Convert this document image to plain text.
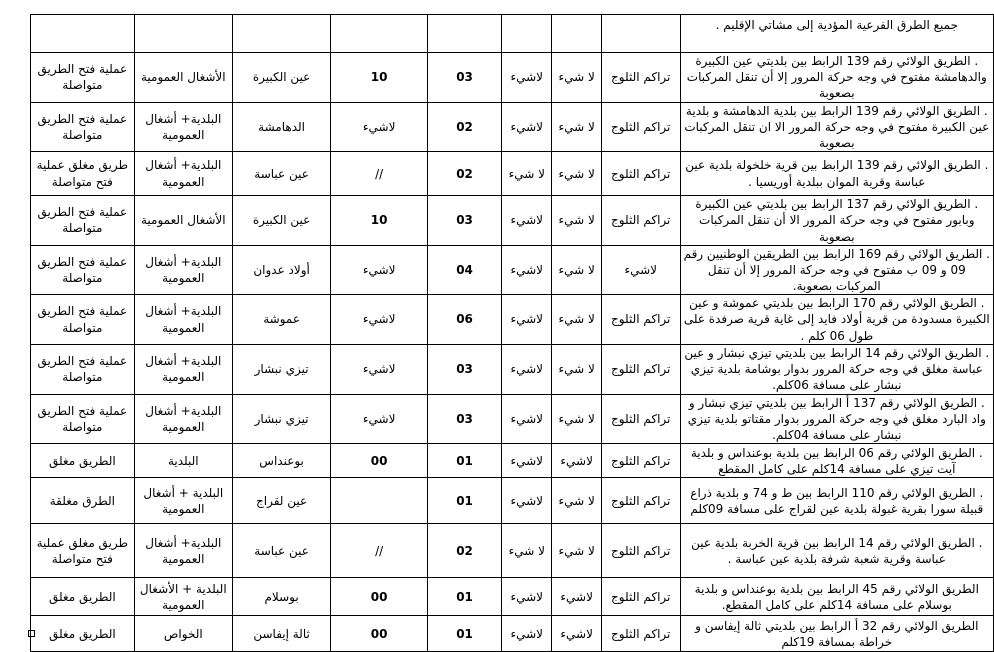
								جميع الطرق الفرعية المؤدية إلى مشاتي الإقليم .
عملية فتح الطريق متواصلة	الأشغال العمومية	عين الكبيرة	10	03	لاشيء	لا شيء	تراكم الثلوج	. الطريق الولائي رقم 139 الرابط بين بلديتي عين الكبيرة والدهامشة مفتوح في وجه حركة المرور إلا أن تنقل المركبات بصعوبة
عملية فتح الطريق متواصلة	البلدية+ أشغال العمومية	الدهامشة	لاشيء	02	لاشيء	لا شيء	تراكم الثلوج	. الطريق الولائي رقم 139 الرابط بين بلدية الدهامشة و بلدية عين الكبيرة مفتوح في وجه حركة المرور الا ان تنقل المركبات بصعوبة
طريق مغلق عملية فتح متواصلة	البلدية+ أشغال العمومية	عين عباسة	//	02	لا شيء	لا شيء	تراكم الثلوج	. الطريق الولائي رقم 139 الرابط بين قرية خلخولة بلدية عين عباسة وقرية الموان ببلدية أوريسيا .
عملية فتح الطريق متواصلة	الأشغال العمومية	عين الكبيرة	10	03	لاشيء	لا شيء	تراكم الثلوج	. الطريق الولائي رقم 137 الرابط بين بلديتي عين الكبيرة وبابور مفتوح في وجه حركة المرور الا أن تنقل المركبات بصعوبة
عملية فتح الطريق متواصلة	البلدية+ أشغال العمومية	أولاد عدوان	لاشيء	04	لاشيء	لا شيء	لاشيء	. الطريق الولائي رقم 169 الرابط بين الطريقين الوطنيين رقم 09 و 09 ب مفتوح في وجه حركة المرور إلا أن تنقل المركبات بصعوبة.
عملية فتح الطريق متواصلة	البلدية+ أشغال العمومية	عموشة	لاشيء	06	لاشيء	لا شيء	تراكم الثلوج	. الطريق الولائي رقم 170 الرابط بين بلديتي عموشة و عين الكبيرة مسدودة من قرية أولاد فايد إلى غاية قرية صرفدة على طول 06 كلم .
عملية فتح الطريق متواصلة	البلدية+ أشغال العمومية	تيزي نبشار	لاشيء	03	لاشيء	لا شيء	تراكم الثلوج	. الطريق الولائي رقم 14 الرابط بين بلديتي تيزي نبشار و عين عباسة مغلق في وجه حركة المرور بدوار بوشامة بلدية تيزي نبشار على مسافة 06كلم.
عملية فتح الطريق متواصلة	البلدية+ أشغال العمومية	تيزي نبشار	لاشيء	03	لاشيء	لا شيء	تراكم الثلوج	. الطريق الولائي رقم 137 أ الرابط بين بلديتي تيزي نبشار و واد البارد مغلق في وجه حركة المرور بدوار مقتاتو بلدية تيزي نبشار على مسافة 04كلم.
الطريق مغلق	البلدية	بوعنداس	00	01	لاشيء	لاشيء	تراكم الثلوج	. الطريق الولائي رقم 06 الرابط بين بلدية بوعنداس و بلدية آيت تيزي على مسافة 14كلم على كامل المقطع
الطرق مغلقة	البلدية + أشغال العمومية	عين لقراج		01	لاشيء	لا شيء	تراكم الثلوج	. الطريق الولائي رقم 110 الرابط بين ط و 74 و بلدية ذراع قبيلة سورا بقرية غبولة بلدية عين لقراج على مسافة 09كلم
طريق مغلق عملية فتح متواصلة	البلدية+ أشغال العمومية	عين عباسة	//	02	لا شيء	لا شيء	تراكم الثلوج	. الطريق الولائي رقم 14 الرابط بين قرية الخربة بلدية عين عباسة وقرية شعبة شرفة بلدية عين عباسة .
الطريق مغلق	البلدية + الأشغال العمومية	بوسلام	00	01	لاشيء	لاشيء	تراكم الثلوج	الطريق الولائي رقم 45 الرابط بين بلدية بوعنداس و بلدية بوسلام على مسافة 14كلم على كامل المقطع.
الطريق مغلق	الخواص	ثالة إيفاسن	00	01	لاشيء	لاشيء	تراكم الثلوج	الطريق الولائي رقم 32 أ الرابط بين بلديتي ثالة إيفاسن و خراطة بمسافة 19كلم
